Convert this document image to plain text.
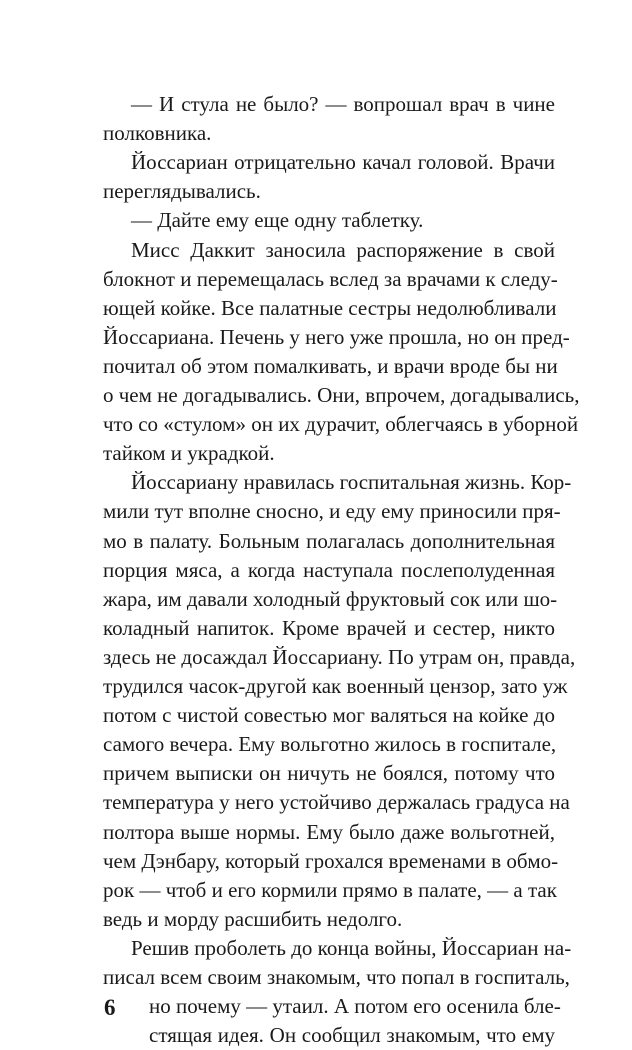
— И стула не было? — вопрошал врач в чине
полковника.
Йоссариан отрицательно качал головой. Врачи
переглядывались.
— Дайте ему еще одну таблетку.
Мисс Даккит заносила распоряжение в свой
блокнот и перемещалась вслед за врачами к следу-
ющей койке. Все палатные сестры недолюбливали
Йоссариана. Печень у него уже прошла, но он пред-
почитал об этом помалкивать, и врачи вроде бы ни
о чем не догадывались. Они, впрочем, догадывались,
что со «стулом» он их дурачит, облегчаясь в уборной
тайком и украдкой.
Йоссариану нравилась госпитальная жизнь. Кор-
мили тут вполне сносно, и еду ему приносили пря-
мо в палату. Больным полагалась дополнительная
порция мяса, а когда наступала послеполуденная
жара, им давали холодный фруктовый сок или шо-
коладный напиток. Кроме врачей и сестер, никто
здесь не досаждал Йоссариану. По утрам он, правда,
трудился часок-другой как военный цензор, зато уж
потом с чистой совестью мог валяться на койке до
самого вечера. Ему вольготно жилось в госпитале,
причем выписки он ничуть не боялся, потому что
температура у него устойчиво держалась градуса на
полтора выше нормы. Ему было даже вольготней,
чем Дэнбару, который грохался временами в обмо-
рок — чтоб и его кормили прямо в палате, — а так
ведь и морду расшибить недолго.
Решив проболеть до конца войны, Йоссариан на-
писал всем своим знакомым, что попал в госпиталь,
но почему — утаил. А потом его осенила бле-
стящая идея. Он сообщил знакомым, что ему
6
